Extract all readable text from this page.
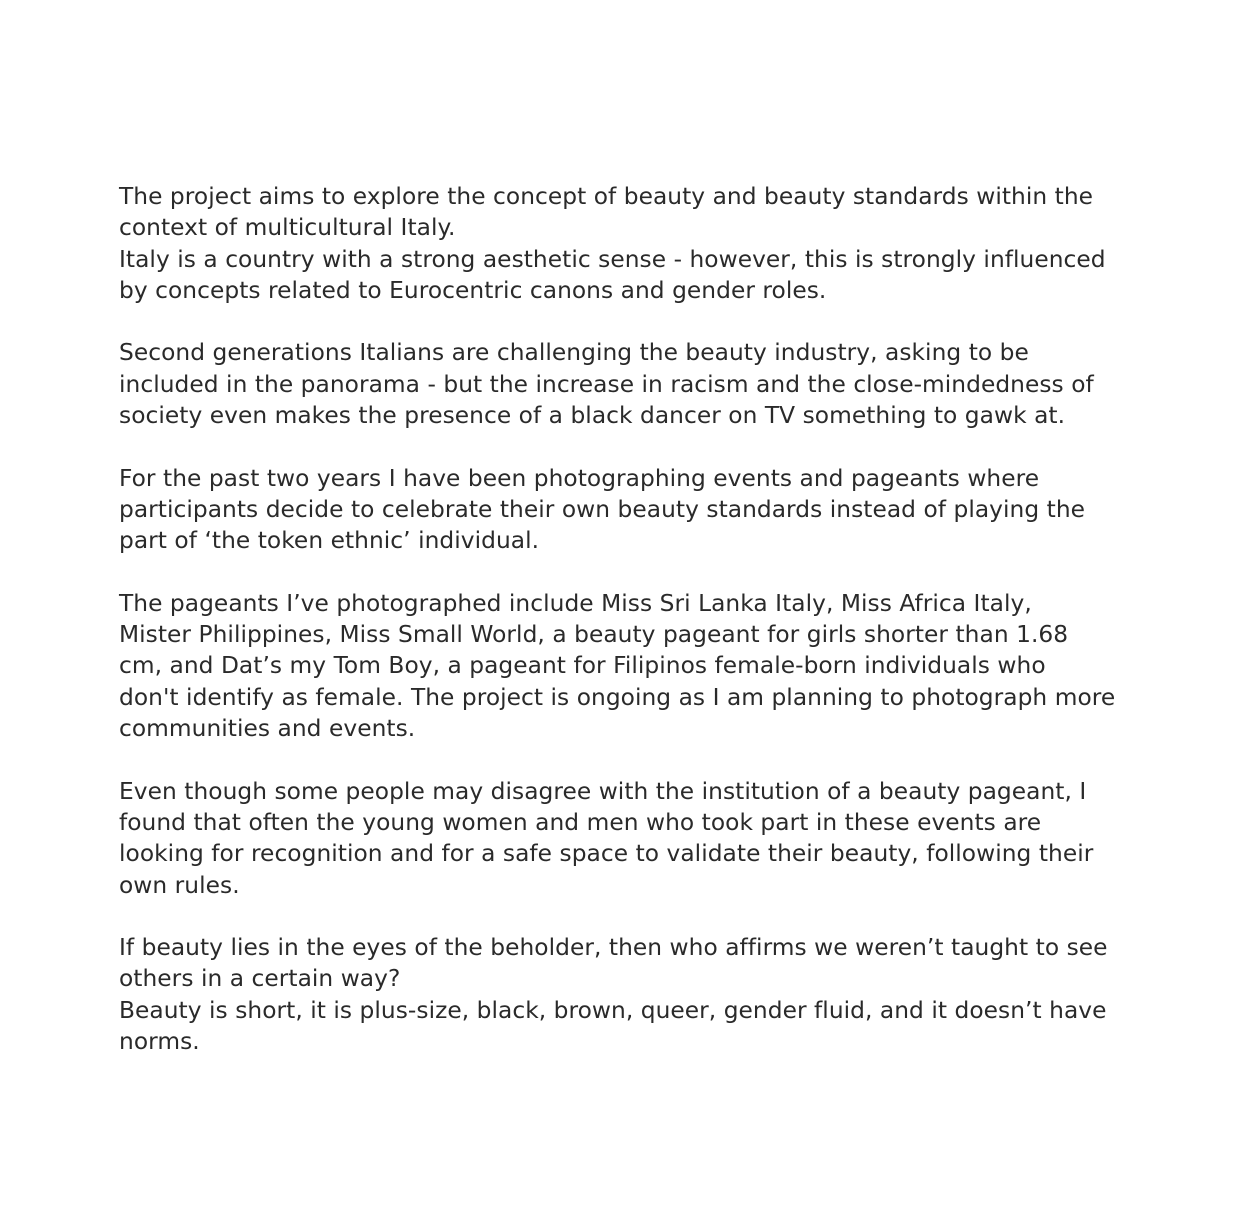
The project aims to explore the concept of beauty and beauty standards within the
context of multicultural Italy.
Italy is a country with a strong aesthetic sense - however, this is strongly influenced
by concepts related to Eurocentric canons and gender roles.

Second generations Italians are challenging the beauty industry, asking to be
included in the panorama - but the increase in racism and the close-mindedness of
society even makes the presence of a black dancer on TV something to gawk at.

For the past two years I have been photographing events and pageants where
participants decide to celebrate their own beauty standards instead of playing the
part of ‘the token ethnic’ individual.

The pageants I’ve photographed include Miss Sri Lanka Italy, Miss Africa Italy,
Mister Philippines, Miss Small World, a beauty pageant for girls shorter than 1.68
cm, and Dat’s my Tom Boy, a pageant for Filipinos female-born individuals who
don't identify as female. The project is ongoing as I am planning to photograph more
communities and events.

Even though some people may disagree with the institution of a beauty pageant, I
found that often the young women and men who took part in these events are
looking for recognition and for a safe space to validate their beauty, following their
own rules.

If beauty lies in the eyes of the beholder, then who affirms we weren’t taught to see
others in a certain way?
Beauty is short, it is plus-size, black, brown, queer, gender fluid, and it doesn’t have
norms.
